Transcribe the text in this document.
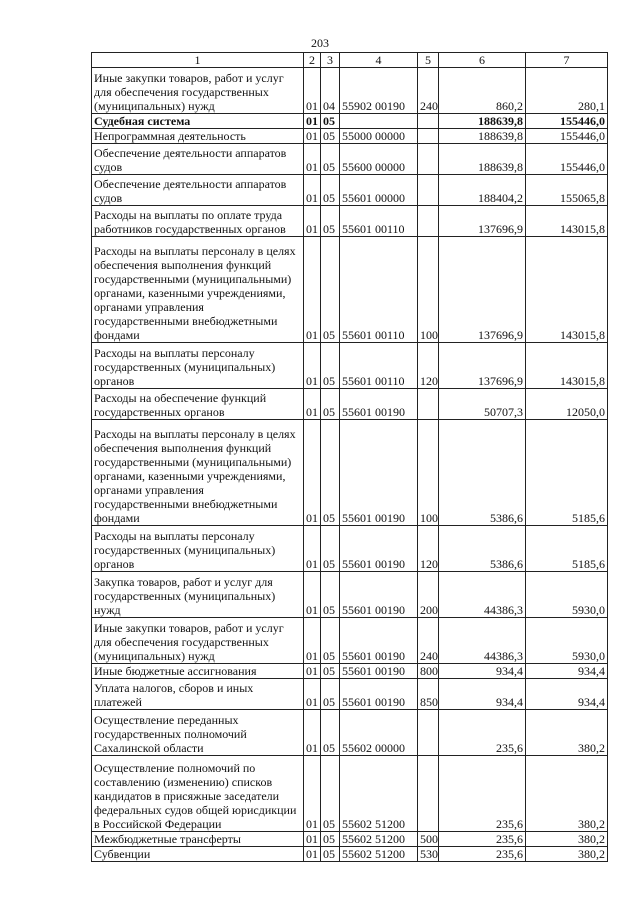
203
1	2	3	4	5	6	7
Иные закупки товаров, работ и услуг для обеспечения государственных (муниципальных) нужд	01	04	55902 00190	240	860,2	280,1
Судебная система	01	05			188639,8	155446,0
Непрограммная деятельность	01	05	55000 00000		188639,8	155446,0
Обеспечение деятельности аппаратов судов	01	05	55600 00000		188639,8	155446,0
Обеспечение деятельности аппаратов судов	01	05	55601 00000		188404,2	155065,8
Расходы на выплаты по оплате труда работников государственных органов	01	05	55601 00110		137696,9	143015,8
Расходы на выплаты персоналу в целях обеспечения выполнения функций государственными (муниципальными) органами, казенными учреждениями, органами управления государственными внебюджетными фондами	01	05	55601 00110	100	137696,9	143015,8
Расходы на выплаты персоналу государственных (муниципальных) органов	01	05	55601 00110	120	137696,9	143015,8
Расходы на обеспечение функций государственных органов	01	05	55601 00190		50707,3	12050,0
Расходы на выплаты персоналу в целях обеспечения выполнения функций государственными (муниципальными) органами, казенными учреждениями, органами управления государственными внебюджетными фондами	01	05	55601 00190	100	5386,6	5185,6
Расходы на выплаты персоналу государственных (муниципальных) органов	01	05	55601 00190	120	5386,6	5185,6
Закупка товаров, работ и услуг для государственных (муниципальных) нужд	01	05	55601 00190	200	44386,3	5930,0
Иные закупки товаров, работ и услуг для обеспечения государственных (муниципальных) нужд	01	05	55601 00190	240	44386,3	5930,0
Иные бюджетные ассигнования	01	05	55601 00190	800	934,4	934,4
Уплата налогов, сборов и иных платежей	01	05	55601 00190	850	934,4	934,4
Осуществление переданных государственных полномочий Сахалинской области	01	05	55602 00000		235,6	380,2
Осуществление полномочий по составлению (изменению) списков кандидатов в присяжные заседатели федеральных судов общей юрисдикции в Российской Федерации	01	05	55602 51200		235,6	380,2
Межбюджетные трансферты	01	05	55602 51200	500	235,6	380,2
Субвенции	01	05	55602 51200	530	235,6	380,2
